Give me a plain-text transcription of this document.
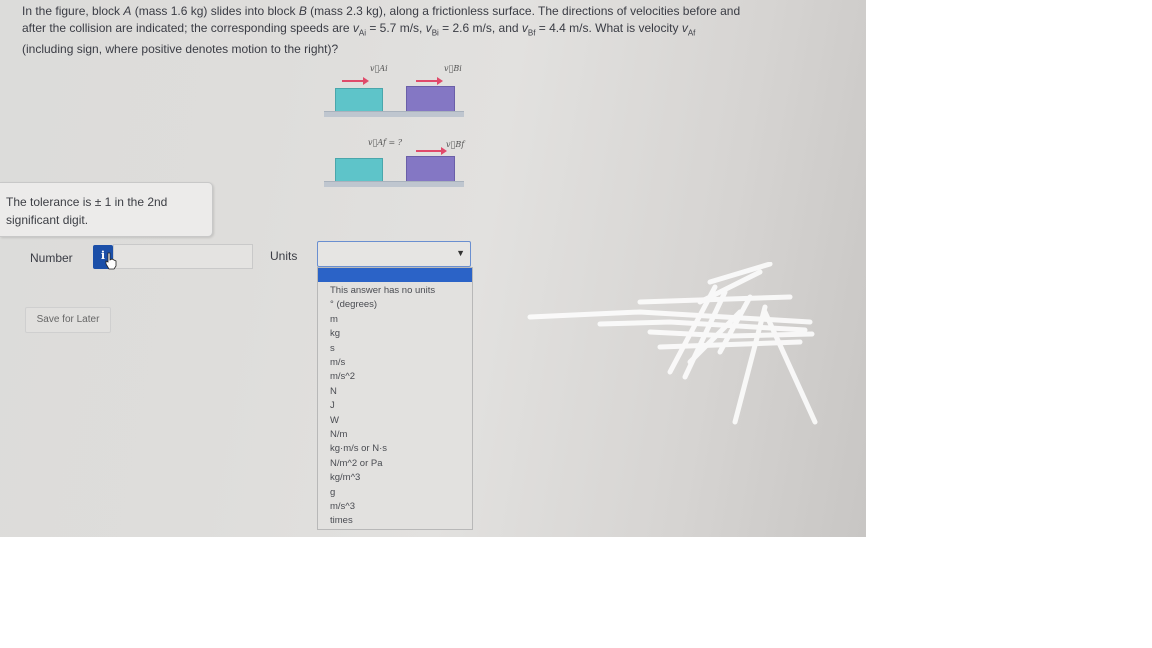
In the figure, block A (mass 1.6 kg) slides into block B (mass 2.3 kg), along a frictionless surface. The directions of velocities before and
after the collision are indicated; the corresponding speeds are $v_{Ai} = 5.7$ m/s, $v_{Bi} = 2.6$ m/s, and $v_{Bf} = 4.4$ m/s. What is velocity $v_{Af}$
(including sign, where positive denotes motion to the right)?
v⃗Ai	v⃗Bi
v⃗Af = ?	v⃗Bf
The tolerance is ± 1 in the 2nd significant digit.
Number	i	Units	▼
This answer has no units
° (degrees)
m
kg
s
m/s
m/s^2
N
J
W
N/m
kg·m/s or N·s
N/m^2 or Pa
kg/m^3
g
m/s^3
times
Save for Later
